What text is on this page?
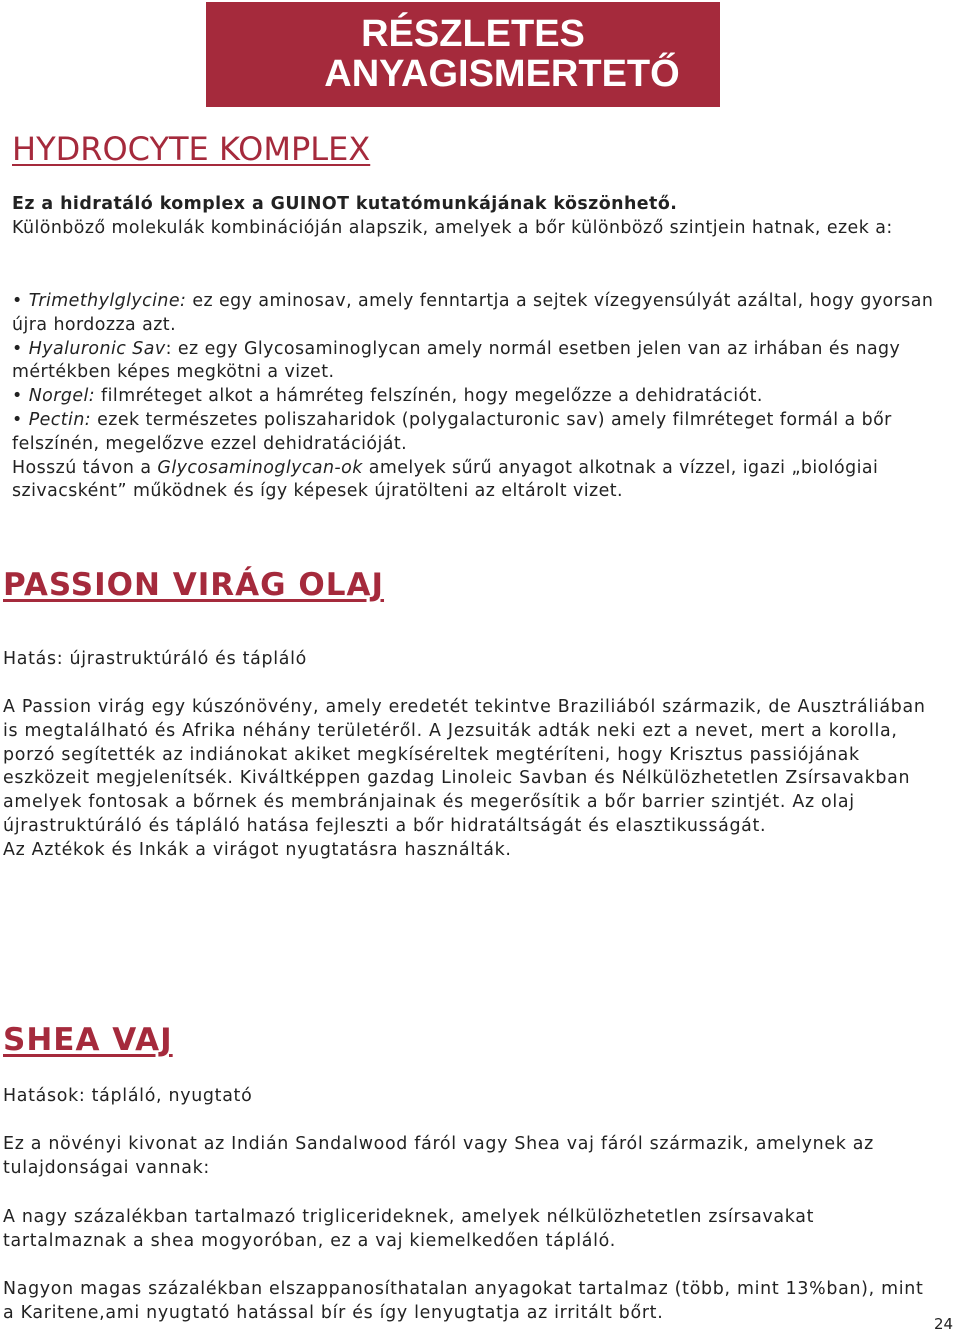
RÉSZLETES
ANYAGISMERTETŐ
HYDROCYTE KOMPLEX

Ez a hidratáló komplex a GUINOT kutatómunkájának köszönhető.
Különböző molekulák kombinációján alapszik, amelyek a bőr különböző szintjein hatnak, ezek a:

• Trimethylglycine: ez egy aminosav, amely fenntartja a sejtek vízegyensúlyát azáltal, hogy gyorsan újra hordozza azt.
• Hyaluronic Sav: ez egy Glycosaminoglycan amely normál esetben jelen van az irhában és nagy mértékben képes megkötni a vizet.
• Norgel: filmréteget alkot a hámréteg felszínén, hogy megelőzze a dehidratációt.
• Pectin: ezek természetes poliszaharidok (polygalacturonic sav) amely filmréteget formál a bőr felszínén, megelőzve ezzel dehidratációját.
Hosszú távon a Glycosaminoglycan-ok amelyek sűrű anyagot alkotnak a vízzel, igazi „biológiai szivacsként” működnek és így képesek újratölteni az eltárolt vizet.

PASSION VIRÁG OLAJ

Hatás: újrastruktúráló és tápláló

A Passion virág egy kúszónövény, amely eredetét tekintve Braziliából származik, de Ausztráliában is megtalálható és Afrika néhány területéről. A Jezsuiták adták neki ezt a nevet, mert a korolla, porzó segítették az indiánokat akiket megkíséreltek megtéríteni, hogy Krisztus passiójának eszközeit megjelenítsék. Kiváltképpen gazdag Linoleic Savban és Nélkülözhetetlen Zsírsavakban amelyek fontosak a bőrnek és membránjainak és megerősítik a bőr barrier szintjét. Az olaj újrastruktúráló és tápláló hatása fejleszti a bőr hidratáltságát és elasztikusságát.
Az Aztékok és Inkák a virágot nyugtatásra használták.

SHEA VAJ

Hatások: tápláló, nyugtató

Ez a növényi kivonat az Indián Sandalwood fáról vagy Shea vaj fáról származik, amelynek az tulajdonságai vannak:

A nagy százalékban tartalmazó triglicerideknek, amelyek nélkülözhetetlen zsírsavakat tartalmaznak a shea mogyoróban, ez a vaj kiemelkedően tápláló.

Nagyon magas százalékban elszappanosíthatalan anyagokat tartalmaz (több, mint 13%ban), mint a Karitene,ami nyugtató hatással bír és így lenyugtatja az irritált bőrt.

24
